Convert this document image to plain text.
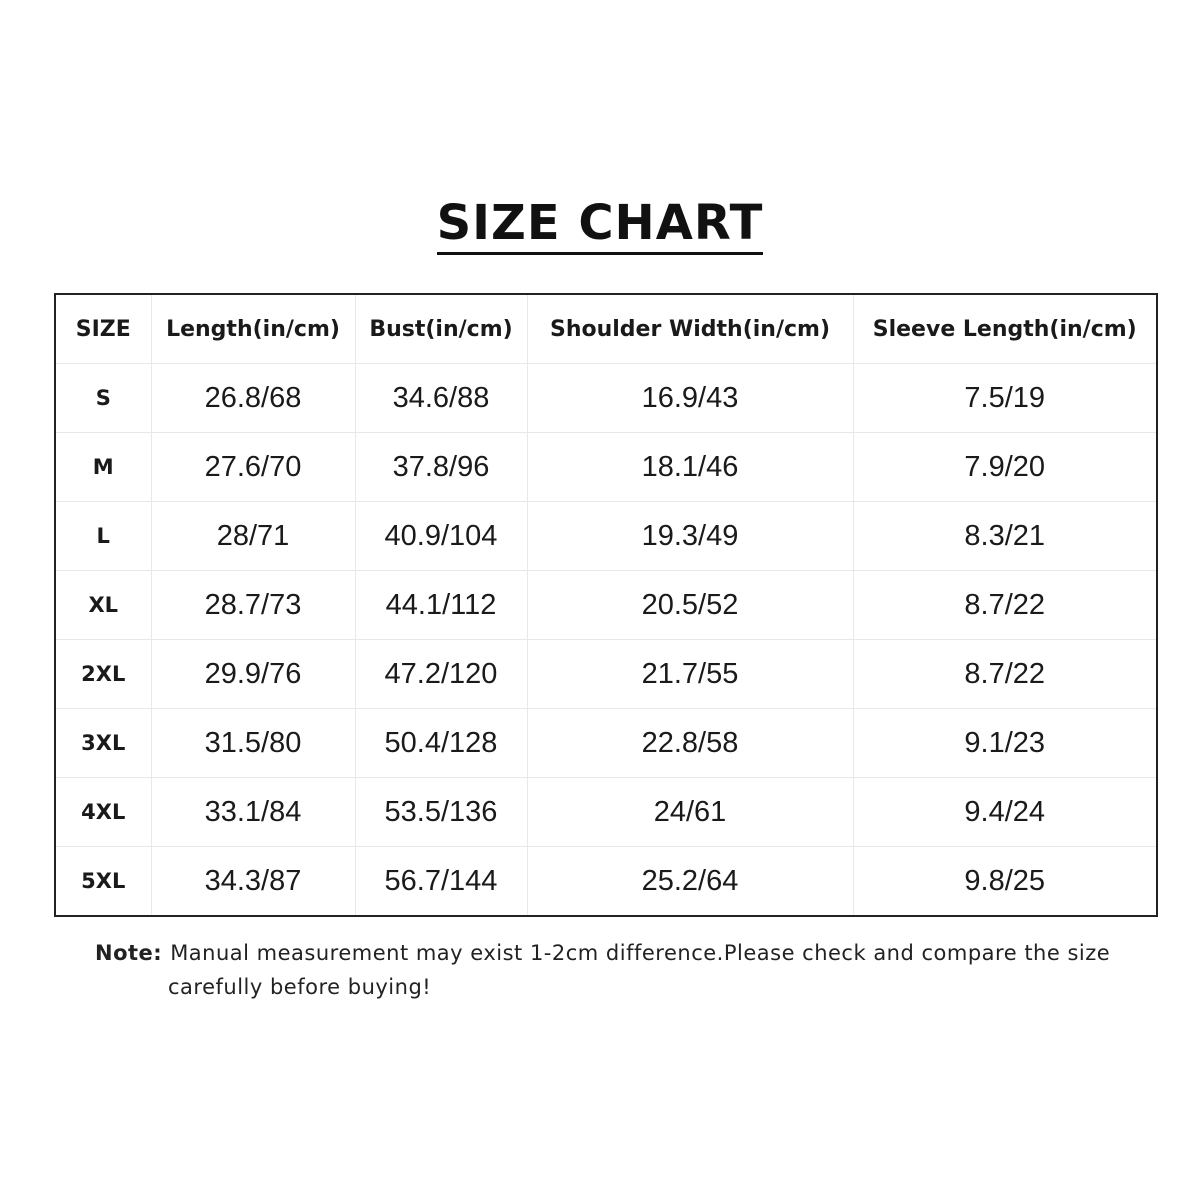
SIZE CHART
SIZE	Length(in/cm)	Bust(in/cm)	Shoulder Width(in/cm)	Sleeve Length(in/cm)
S	26.8/68	34.6/88	16.9/43	7.5/19
M	27.6/70	37.8/96	18.1/46	7.9/20
L	28/71	40.9/104	19.3/49	8.3/21
XL	28.7/73	44.1/112	20.5/52	8.7/22
2XL	29.9/76	47.2/120	21.7/55	8.7/22
3XL	31.5/80	50.4/128	22.8/58	9.1/23
4XL	33.1/84	53.5/136	24/61	9.4/24
5XL	34.3/87	56.7/144	25.2/64	9.8/25
Note: Manual measurement may exist 1-2cm difference.Please check and compare the size
carefully before buying!
